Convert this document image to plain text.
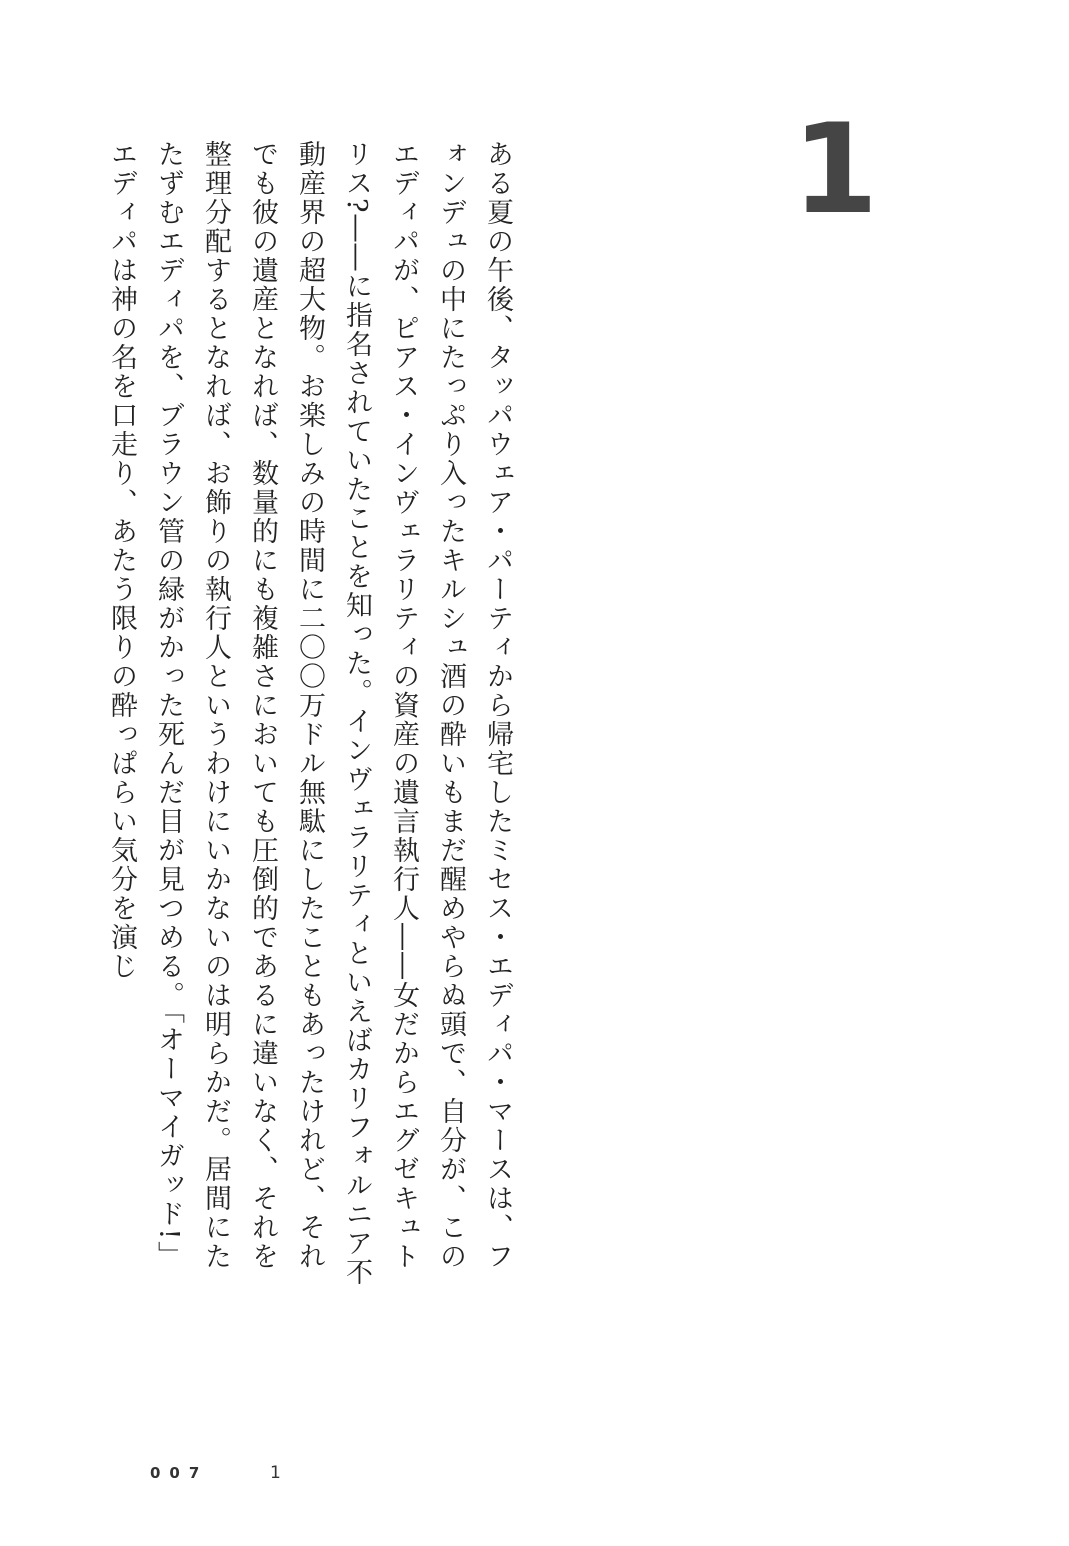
1

ある夏の午後、タッパウェア・パーティから帰宅したミセス・エディパ・マースは、フォンデュの中にたっぷり入ったキルシュ酒の酔いもまだ醒めやらぬ頭で、自分が、このエディパが、ピアス・インヴェラリティの資産の遺言執行人――女だからエグゼキュトリス?――に指名されていたことを知った。インヴェラリティといえばカリフォルニア不動産界の超大物。お楽しみの時間に二〇〇万ドル無駄にしたこともあったけれど、それでも彼の遺産となれば、数量的にも複雑さにおいても圧倒的であるに違いなく、それを整理分配するとなれば、お飾りの執行人というわけにいかないのは明らかだ。居間にたたずむエディパを、ブラウン管の緑がかった死んだ目が見つめる。「オーマイガッド!」エディパは神の名を口走り、あたう限りの酔っぱらい気分を演じ

007	1
